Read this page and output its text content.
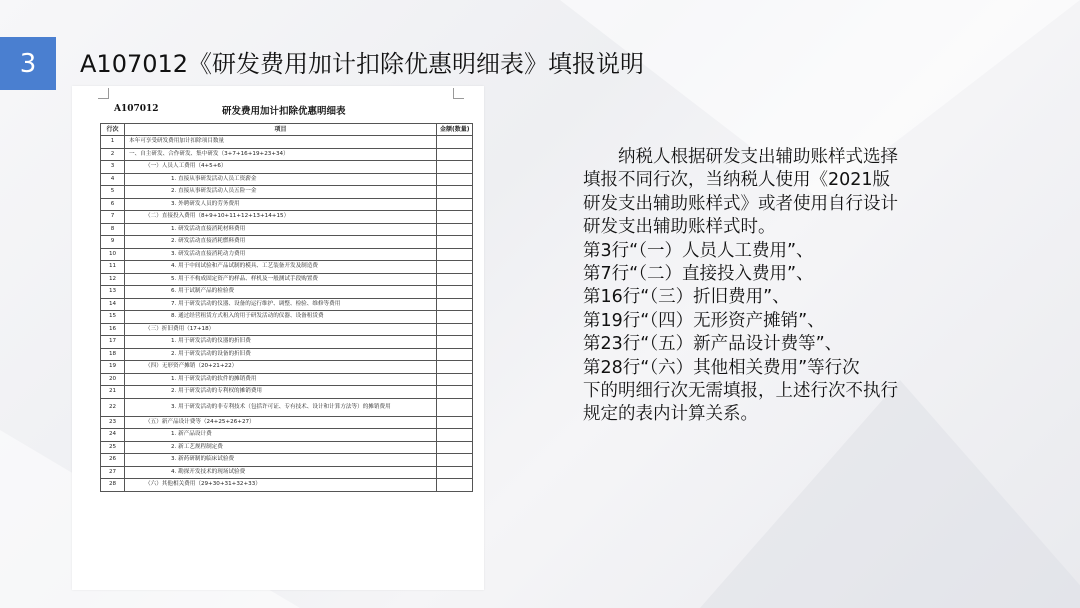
3 A107012《研发费用加计扣除优惠明细表》填报说明
A107012	研发费用加计扣除优惠明细表
行次	项目	金额(数量)
1	本年可享受研发费用加计扣除项目数量	
2	一、自主研发、合作研发、集中研发（3+7+16+19+23+34）	
3	（一）人员人工费用（4+5+6）	
4	1. 直接从事研发活动人员工资薪金	
5	2. 直接从事研发活动人员五险一金	
6	3. 外聘研发人员的劳务费用	
7	（二）直接投入费用（8+9+10+11+12+13+14+15）	
8	1. 研发活动直接消耗材料费用	
9	2. 研发活动直接消耗燃料费用	
10	3. 研发活动直接消耗动力费用	
11	4. 用于中间试验和产品试制的模具、工艺装备开发及制造费	
12	5. 用于不构成固定资产的样品、样机及一般测试手段购置费	
13	6. 用于试制产品的检验费	
14	7. 用于研发活动的仪器、设备的运行维护、调整、检验、维修等费用	
15	8. 通过经营租赁方式租入的用于研发活动的仪器、设备租赁费	
16	（三）折旧费用（17+18）	
17	1. 用于研发活动的仪器的折旧费	
18	2. 用于研发活动的设备的折旧费	
19	（四）无形资产摊销（20+21+22）	
20	1. 用于研发活动的软件的摊销费用	
21	2. 用于研发活动的专利权的摊销费用	
22	3. 用于研发活动的非专利技术（包括许可证、专有技术、设计和计算方法等）的摊销费用	
23	（五）新产品设计费等（24+25+26+27）	
24	1. 新产品设计费	
25	2. 新工艺规程制定费	
26	3. 新药研制的临床试验费	
27	4. 勘探开发技术的现场试验费	
28	（六）其他相关费用（29+30+31+32+33）	
　　纳税人根据研发支出辅助账样式选择
填报不同行次，当纳税人使用《2021版
研发支出辅助账样式》或者使用自行设计
研发支出辅助账样式时。
第3行“（一）人员人工费用”、
第7行“（二）直接投入费用”、
第16行“（三）折旧费用”、
第19行“（四）无形资产摊销”、
第23行“（五）新产品设计费等”、
第28行“（六）其他相关费用”等行次
下的明细行次无需填报，上述行次不执行
规定的表内计算关系。
